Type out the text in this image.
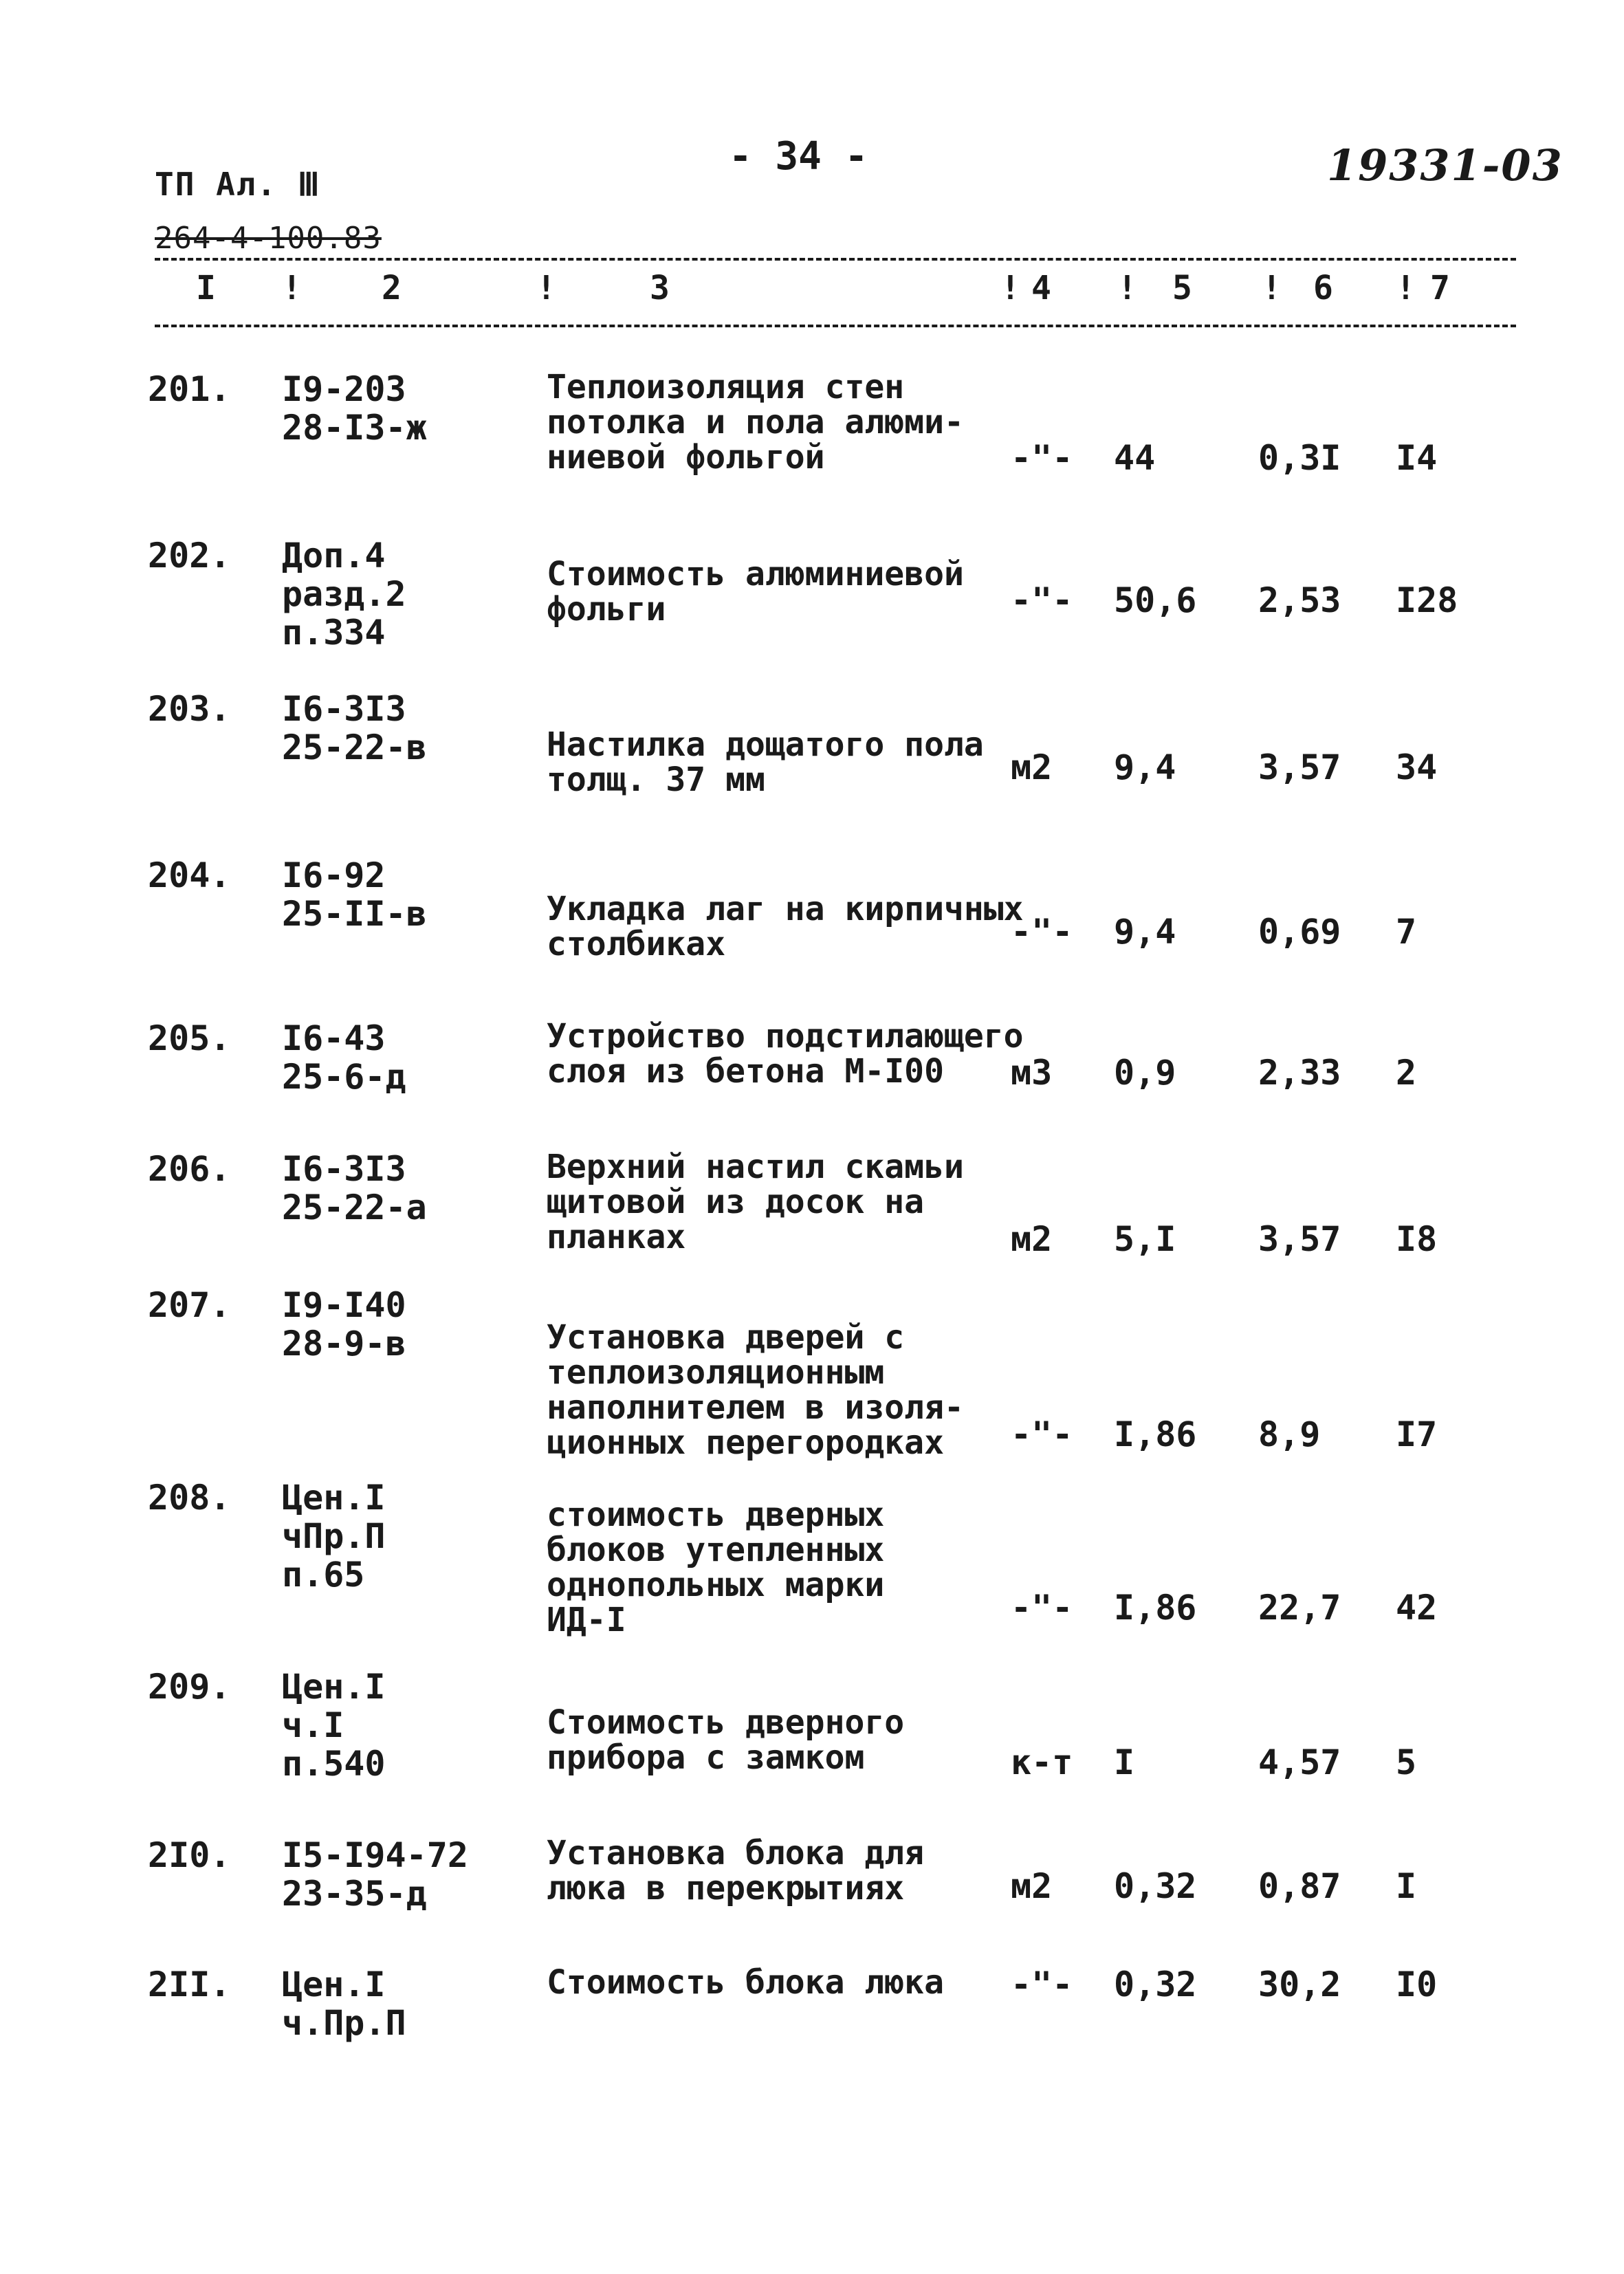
ТП Ал. Ⅲ
264-4-100.83
- 34 -	19331-03
I ! 2	!	3	! 4 ! 5 ! 6 ! 7
201. I9-203
28-I3-ж
Теплоизоляция стен
потолка и пола алюми-
ниевой фольгой	-"- 44	0,3I I4
202. Доп.4
разд.2
п.334
Стоимость алюминиевой
фольги	-"- 50,6 2,53 I28
203. I6-3I3
25-22-в	Настилка дощатого пола
толщ. 37 мм	м2 9,4 3,57 34
204. I6-92
25-II-в	Укладка лаг на кирпичных
столбиках	-"- 9,4 0,69 7
205. I6-43
25-6-д
Устройство подстилающего
слоя из бетона М-I00	м3 0,9 2,33 2
206. I6-3I3
25-22-а
Верхний настил скамьи
щитовой из досок на
планках	м2 5,I 3,57 I8
207. I9-I40
28-9-в	Установка дверей с
теплоизоляционным
наполнителем в изоля-
ционных перегородках	-"- I,86 8,9 I7
208. Цен.I
чПр.П
п.65
стоимость дверных
блоков утепленных
однопольных марки
ИД-I	-"- I,86 22,7 42
209. Цен.I
ч.I
п.540
Стоимость дверного
прибора с замком	к-т I	4,57 5
2I0. I5-I94-72
23-35-д
Установка блока для
люка в перекрытиях	м2 0,32 0,87 I
2II. Цен.I
ч.Пр.П
Стоимость блока люка -"- 0,32 30,2 I0
